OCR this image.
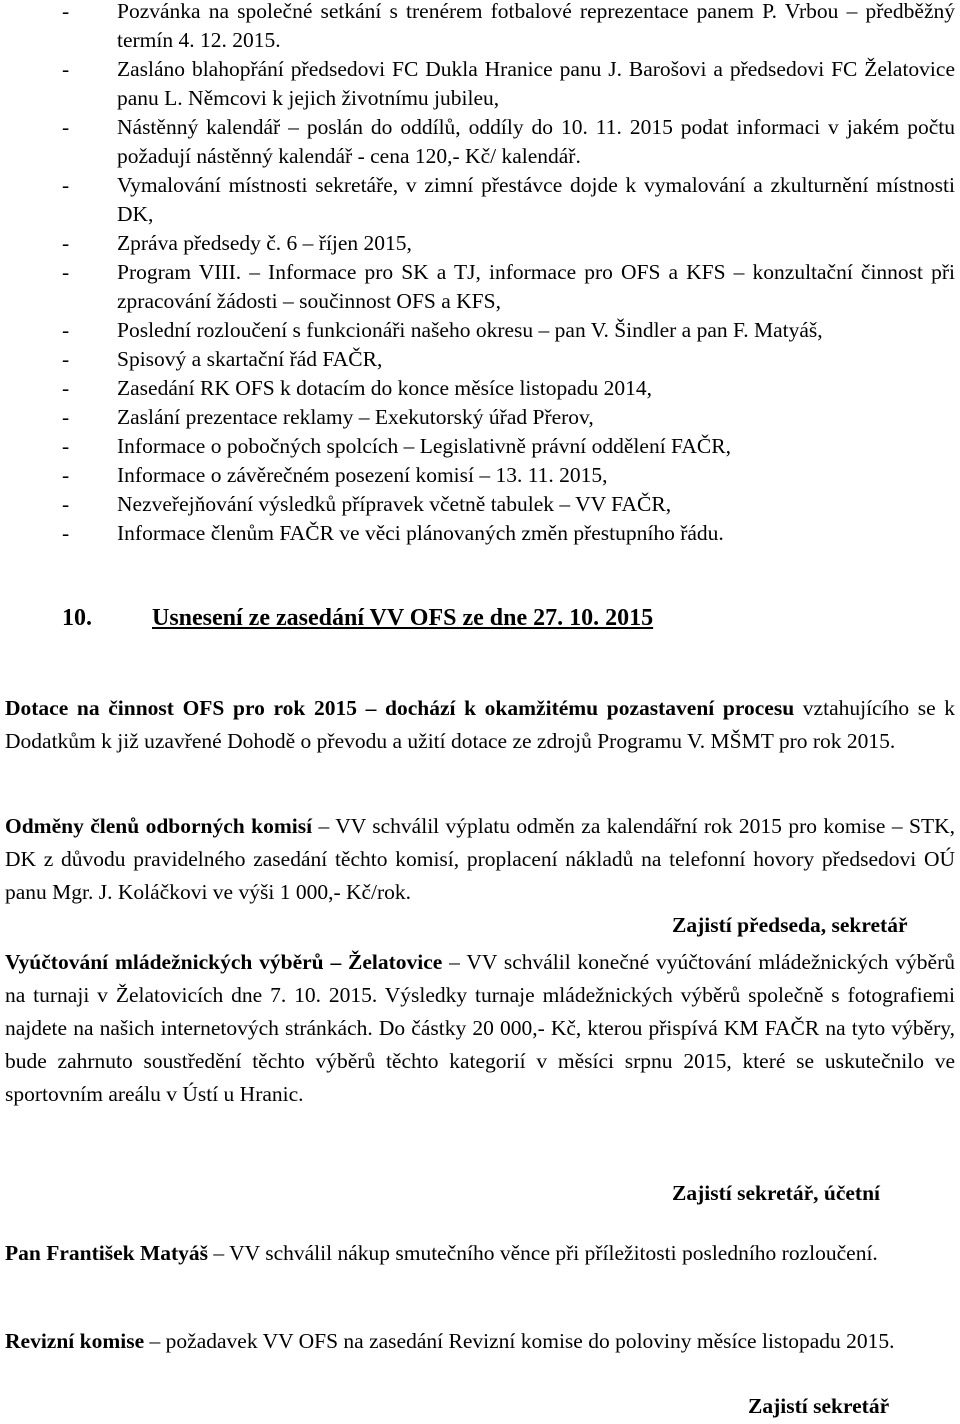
- Pozvánka na společné setkání s trenérem fotbalové reprezentace panem P. Vrbou – předběžný termín 4. 12. 2015.
- Zasláno blahopřání předsedovi FC Dukla Hranice panu J. Barošovi a předsedovi FC Želatovice panu L. Němcovi k jejich životnímu jubileu,
- Nástěnný kalendář – poslán do oddílů, oddíly do 10. 11. 2015 podat informaci v jakém počtu požadují nástěnný kalendář - cena 120,- Kč/ kalendář.
- Vymalování místnosti sekretáře, v zimní přestávce dojde k vymalování a zkulturnění místnosti DK,
- Zpráva předsedy č. 6 – říjen 2015,
- Program VIII. – Informace pro SK a TJ, informace pro OFS a KFS – konzultační činnost při zpracování žádosti – součinnost OFS a KFS,
- Poslední rozloučení s funkcionáři našeho okresu – pan V. Šindler a pan F. Matyáš,
- Spisový a skartační řád FAČR,
- Zasedání RK OFS k dotacím do konce měsíce listopadu 2014,
- Zaslání prezentace reklamy – Exekutorský úřad Přerov,
- Informace o pobočných spolcích – Legislativně právní oddělení FAČR,
- Informace o závěrečném posezení komisí – 13. 11. 2015,
- Nezveřejňování výsledků přípravek včetně tabulek – VV FAČR,
- Informace členům FAČR ve věci plánovaných změn přestupního řádu.
10.	Usnesení ze zasedání VV OFS ze dne 27. 10. 2015

Dotace na činnost OFS pro rok 2015 – dochází k okamžitému pozastavení procesu vztahujícího se k Dodatkům k již uzavřené Dohodě o převodu a užití dotace ze zdrojů Programu V. MŠMT pro rok 2015.

Odměny členů odborných komisí – VV schválil výplatu odměn za kalendářní rok 2015 pro komise – STK, DK z důvodu pravidelného zasedání těchto komisí, proplacení nákladů na telefonní hovory předsedovi OÚ panu Mgr. J. Koláčkovi ve výši 1 000,- Kč/rok.

Zajistí předseda, sekretář

Vyúčtování mládežnických výběrů – Želatovice – VV schválil konečné vyúčtování mládežnických výběrů na turnaji v Želatovicích dne 7. 10. 2015. Výsledky turnaje mládežnických výběrů společně s fotografiemi najdete na našich internetových stránkách. Do částky 20 000,- Kč, kterou přispívá KM FAČR na tyto výběry, bude zahrnuto soustředění těchto výběrů těchto kategorií v měsíci srpnu 2015, které se uskutečnilo ve sportovním areálu v Ústí u Hranic.

Zajistí sekretář, účetní

Pan František Matyáš – VV schválil nákup smutečního věnce při příležitosti posledního rozloučení.

Revizní komise – požadavek VV OFS na zasedání Revizní komise do poloviny měsíce listopadu 2015.

Zajistí sekretář
